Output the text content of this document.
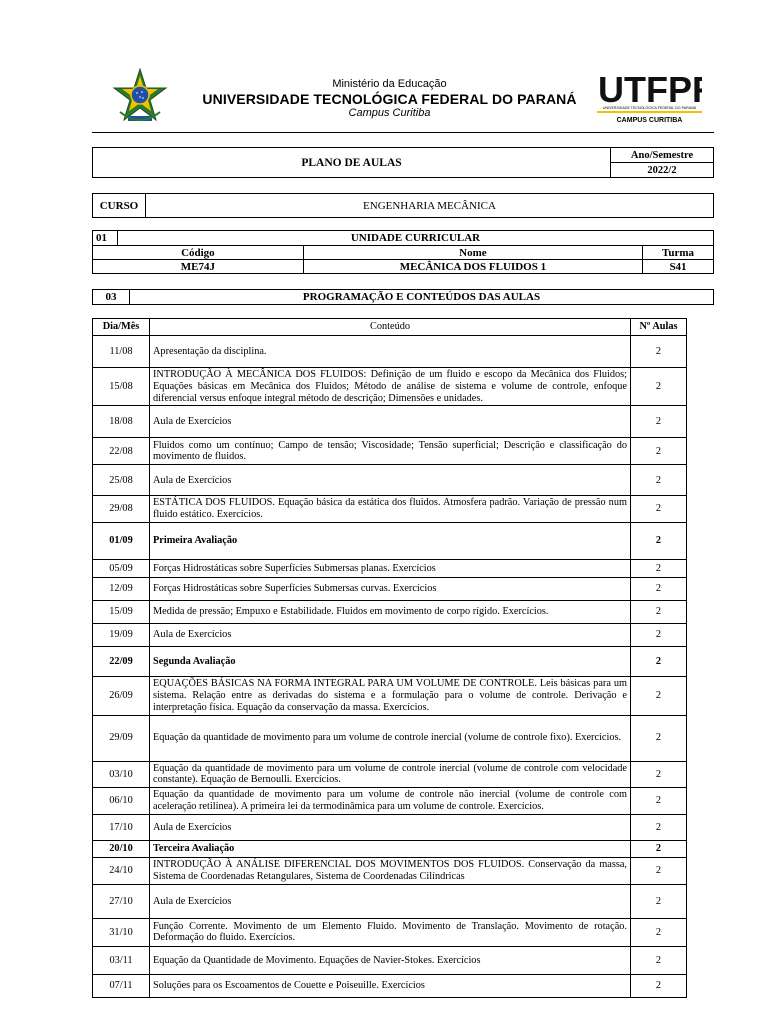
Ministério da Educação
UNIVERSIDADE TECNOLÓGICA FEDERAL DO PARANÁ
Campus Curitiba
UTFP
UNIVERSIDADE TECNOLÓGICA FEDERAL DO PARANÁ
CAMPUS CURITIBA
PLANO DE AULAS	Ano/Semestre
2022/2
CURSO	ENGENHARIA MECÂNICA
01	UNIDADE CURRICULAR		
Código		Nome	Turma
ME74J		MECÂNICA DOS FLUIDOS 1	S41
03	PROGRAMAÇÃO E CONTEÚDOS DAS AULAS
Dia/Mês	Conteúdo	Nº Aulas
11/08	Apresentação da disciplina.	2
15/08	INTRODUÇÃO À MECÂNICA DOS FLUIDOS: Definição de um fluido e escopo da Mecânica dos Fluidos; Equações básicas em Mecânica dos Fluidos; Método de análise de sistema e volume de controle, enfoque diferencial versus enfoque integral método de descrição; Dimensões e unidades.	2
18/08	Aula de Exercícios	2
22/08	Fluidos como um contínuo; Campo de tensão; Viscosidade; Tensão superficial; Descrição e classificação do movimento de fluidos.	2
25/08	Aula de Exercícios	2
29/08	ESTÁTICA DOS FLUIDOS. Equação básica da estática dos fluidos. Atmosfera padrão. Variação de pressão num fluido estático. Exercícios.	2
01/09	Primeira Avaliação	2
05/09	Forças Hidrostáticas sobre Superfícies Submersas planas. Exercícios	2
12/09	Forças Hidrostáticas sobre Superfícies Submersas curvas. Exercícios	2
15/09	Medida de pressão; Empuxo e Estabilidade. Fluidos em movimento de corpo rígido. Exercícios.	2
19/09	Aula de Exercícios	2
22/09	Segunda Avaliação	2
26/09	EQUAÇÕES BÁSICAS NA FORMA INTEGRAL PARA UM VOLUME DE CONTROLE. Leis básicas para um sistema. Relação entre as derivadas do sistema e a formulação para o volume de controle. Derivação e interpretação física. Equação da conservação da massa. Exercícios.	2
29/09	Equação da quantidade de movimento para um volume de controle inercial (volume de controle fixo). Exercícios.	2
03/10	Equação da quantidade de movimento para um volume de controle inercial (volume de controle com velocidade constante). Equação de Bernoulli. Exercícios.	2
06/10	Equação da quantidade de movimento para um volume de controle não inercial (volume de controle com aceleração retilínea). A primeira lei da termodinâmica para um volume de controle. Exercícios.	2
17/10	Aula de Exercícios	2
20/10	Terceira Avaliação	2
24/10	INTRODUÇÃO À ANÁLISE DIFERENCIAL DOS MOVIMENTOS DOS FLUIDOS. Conservação da massa, Sistema de Coordenadas Retangulares, Sistema de Coordenadas Cilíndricas	2
27/10	Aula de Exercícios	2
31/10	Função Corrente. Movimento de um Elemento Fluido. Movimento de Translação. Movimento de rotação. Deformação do fluido. Exercícios.	2
03/11	Equação da Quantidade de Movimento. Equações de Navier-Stokes. Exercícios	2
07/11	Soluções para os Escoamentos de Couette e Poiseuille. Exercícios	2
